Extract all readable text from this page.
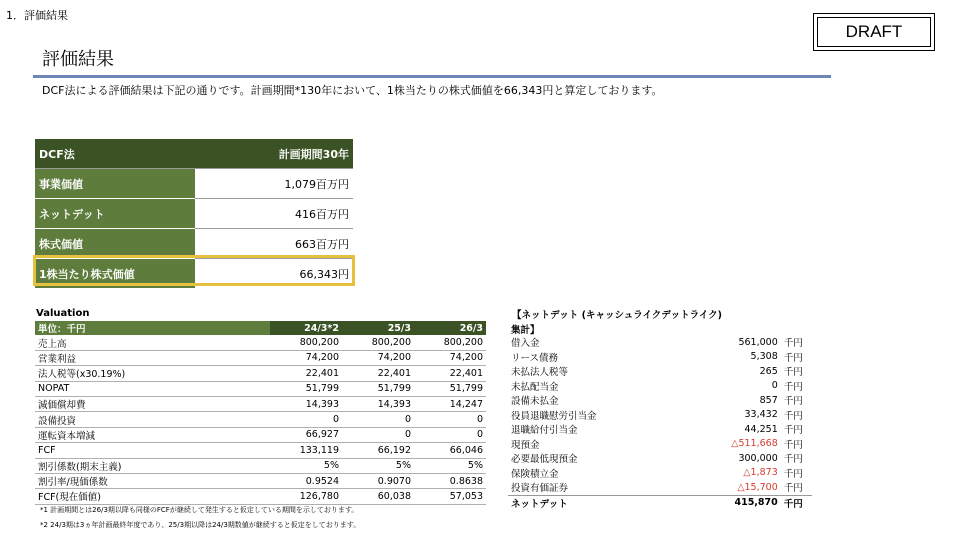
1．評価結果
DRAFT
評価結果
DCF法による評価結果は下記の通りです。計画期間*130年において、1株当たりの株式価値を66,343円と算定しております。
DCF法	計画期間30年
事業価値	1,079百万円
ネットデット	416百万円
株式価値	663百万円
1株当たり株式価値	66,343円
Valuation
単位：千円	24/3*2	25/3	26/3
売上高	800,200	800,200	800,200
営業利益	74,200	74,200	74,200
法人税等(x30.19%)	22,401	22,401	22,401
NOPAT	51,799	51,799	51,799
減価償却費	14,393	14,393	14,247
設備投資	0	0	0
運転資本増減	66,927	0	0
FCF	133,119	66,192	66,046
割引係数(期末主義)	5%	5%	5%
割引率/現価係数	0.9524	0.9070	0.8638
FCF(現在価値)	126,780	60,038	57,053
*1 計画期間とは26/3期以降も同様のFCFが継続して発生すると仮定している期間を示しております。
*2 24/3期は3ヵ年計画最終年度であり、25/3期以降は24/3期数値が継続すると仮定をしております。
【ネットデット (キャッシュライクデットライク)
集計】
借入金	561,000	千円
リース債務	5,308	千円
未払法人税等	265	千円
未払配当金	0	千円
設備未払金	857	千円
役員退職慰労引当金	33,432	千円
退職給付引当金	44,251	千円
現預金	△511,668	千円
必要最低現預金	300,000	千円
保険積立金	△1,873	千円
投資有価証券	△15,700	千円
ネットデット	415,870	千円
